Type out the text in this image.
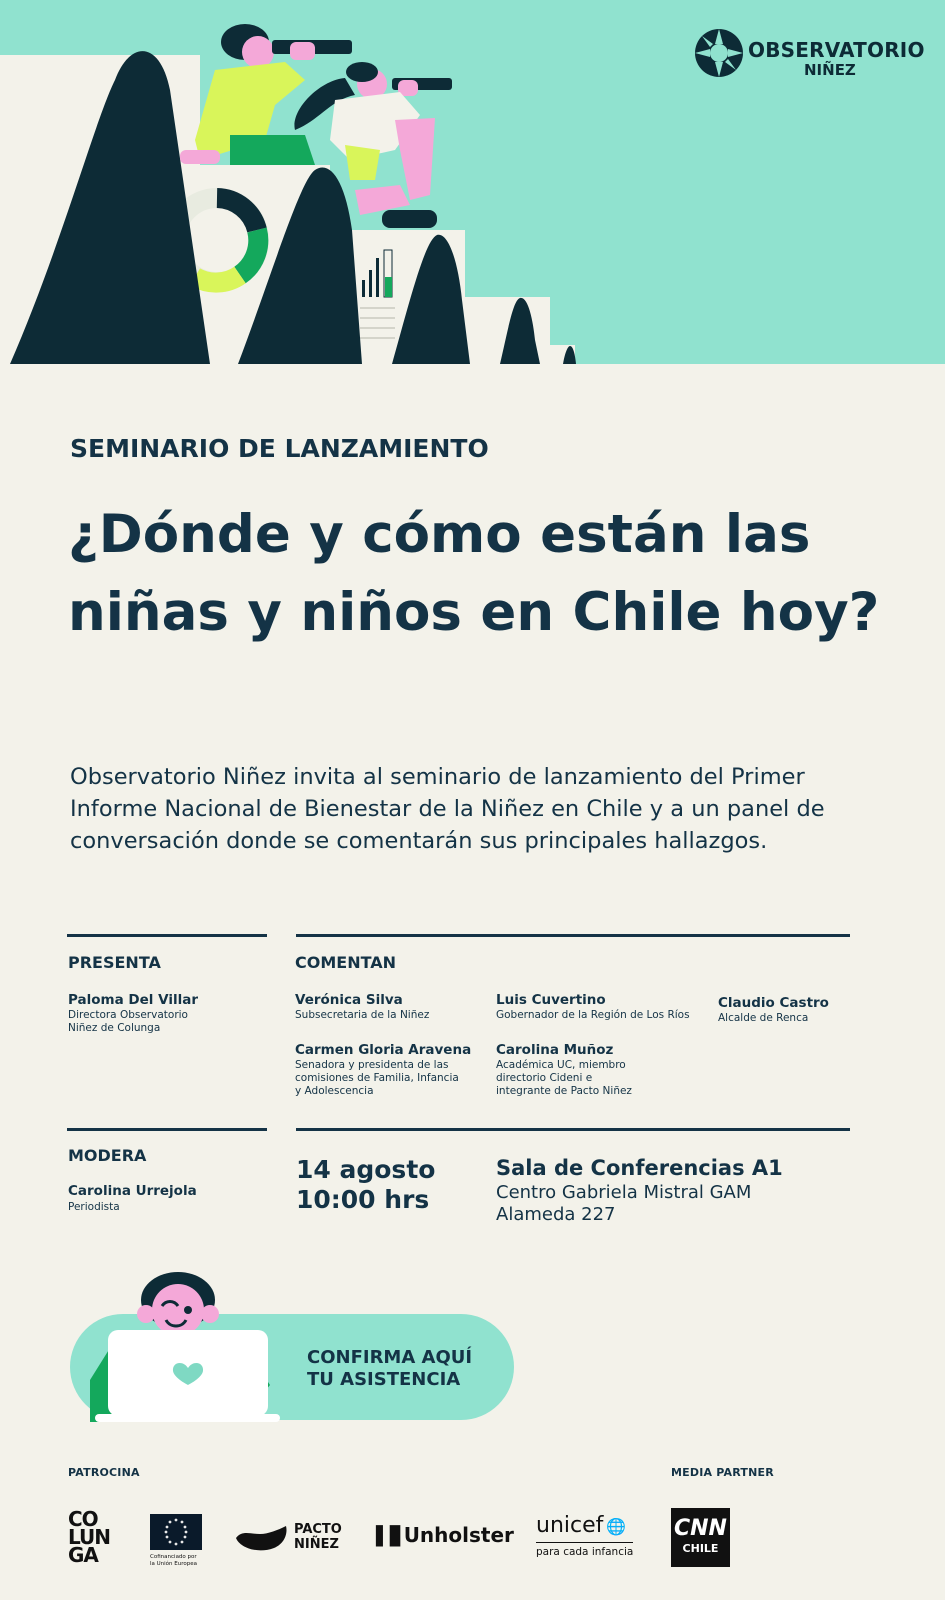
OBSERVATORIO
NIÑEZ
SEMINARIO DE LANZAMIENTO
¿Dónde y cómo están las niñas y niños en Chile hoy?
Observatorio Niñez invita al seminario de lanzamiento del Primer Informe Nacional de Bienestar de la Niñez en Chile y a un panel de conversación donde se comentarán sus principales hallazgos.
PRESENTA
Paloma Del Villar
Directora Observatorio
Niñez de Colunga
COMENTAN
Verónica Silva
Subsecretaria de la Niñez
Luis Cuvertino
Gobernador de la Región de Los Ríos
Claudio Castro
Alcalde de Renca
Carmen Gloria Aravena
Senadora y presidenta de las
comisiones de Familia, Infancia
y Adolescencia
Carolina Muñoz
Académica UC, miembro
directorio Cideni e
integrante de Pacto Niñez
MODERA
Carolina Urrejola
Periodista
14 agosto
10:00 hrs
Sala de Conferencias A1
Centro Gabriela Mistral GAM
Alameda 227
CONFIRMA AQUÍ
TU ASISTENCIA
PATROCINA	MEDIA PARTNER
CO
LUN
GA	Cofinanciado por
la Unión Europea
PACTO
NIÑEZ ▌▊Unholster unicef 🌐
para cada infancia
CNN
CHILE
